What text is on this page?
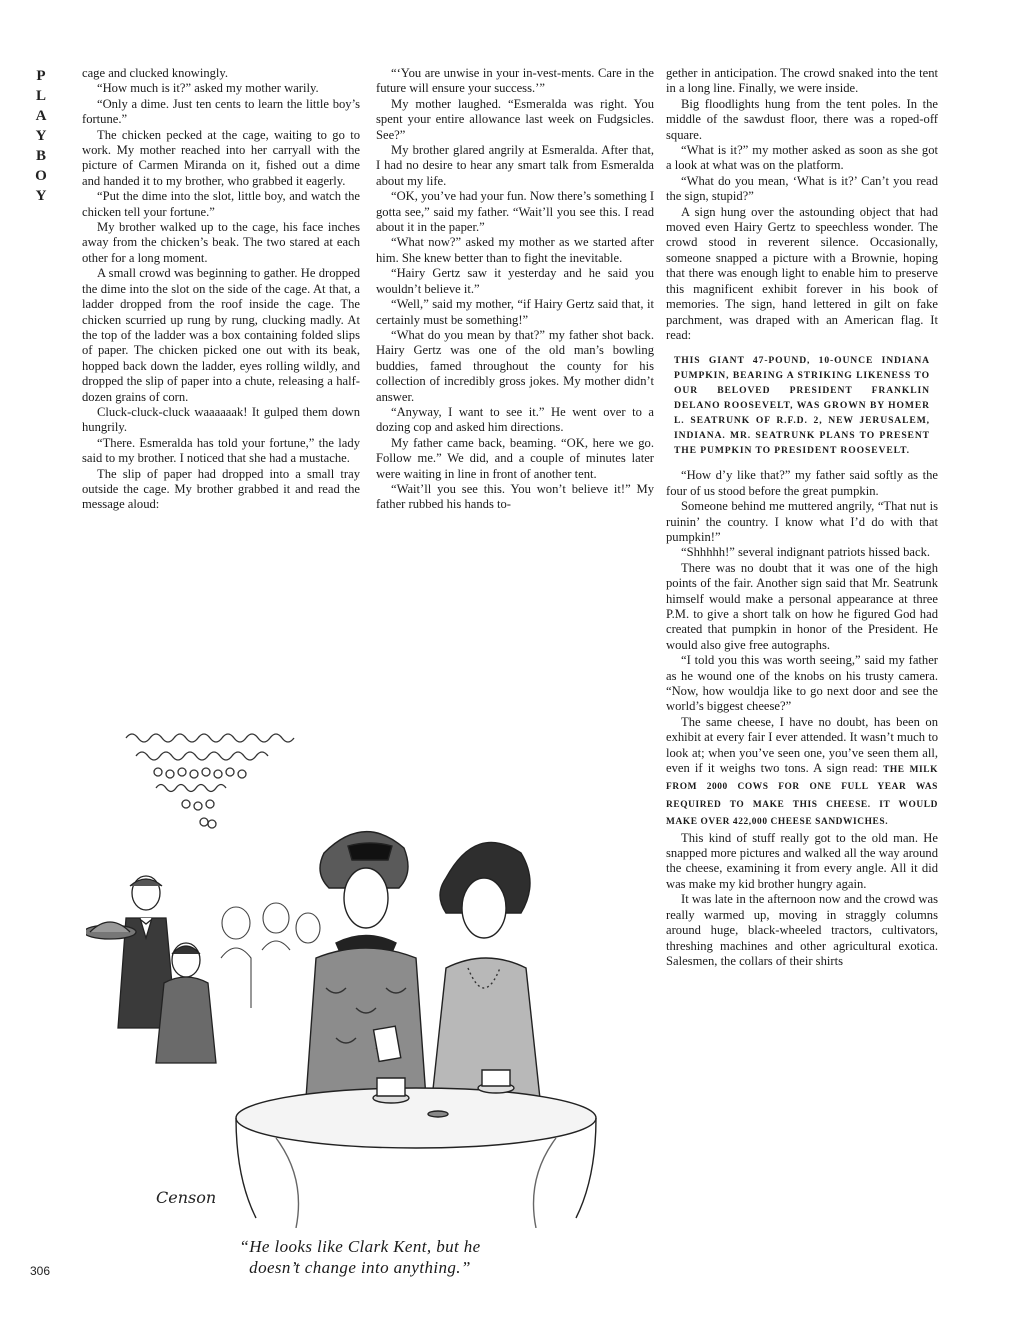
P
L
A
Y
B
O
Y

cage and clucked knowingly.

“How much is it?” asked my mother warily.

“Only a dime. Just ten cents to learn the little boy’s fortune.”

The chicken pecked at the cage, waiting to go to work. My mother reached into her carryall with the picture of Carmen Miranda on it, fished out a dime and handed it to my brother, who grabbed it eagerly.

“Put the dime into the slot, little boy, and watch the chicken tell your fortune.”

My brother walked up to the cage, his face inches away from the chicken’s beak. The two stared at each other for a long moment.

A small crowd was beginning to gather. He dropped the dime into the slot on the side of the cage. At that, a ladder dropped from the roof inside the cage. The chicken scurried up rung by rung, clucking madly. At the top of the ladder was a box containing folded slips of paper. The chicken picked one out with its beak, hopped back down the ladder, eyes rolling wildly, and dropped the slip of paper into a chute, releasing a half-dozen grains of corn.

Cluck-cluck-cluck waaaaaak! It gulped them down hungrily.

“There. Esmeralda has told your fortune,” the lady said to my brother. I noticed that she had a mustache.

The slip of paper had dropped into a small tray outside the cage. My brother grabbed it and read the message aloud:

“‘You are unwise in your in-vest-ments. Care in the future will ensure your success.’”

My mother laughed. “Esmeralda was right. You spent your entire allowance last week on Fudgsicles. See?”

My brother glared angrily at Esmeralda. After that, I had no desire to hear any smart talk from Esmeralda about my life.

“OK, you’ve had your fun. Now there’s something I gotta see,” said my father. “Wait’ll you see this. I read about it in the paper.”

“What now?” asked my mother as we started after him. She knew better than to fight the inevitable.

“Hairy Gertz saw it yesterday and he said you wouldn’t believe it.”

“Well,” said my mother, “if Hairy Gertz said that, it certainly must be something!”

“What do you mean by that?” my father shot back. Hairy Gertz was one of the old man’s bowling buddies, famed throughout the county for his collection of incredibly gross jokes. My mother didn’t answer.

“Anyway, I want to see it.” He went over to a dozing cop and asked him directions.

My father came back, beaming. “OK, here we go. Follow me.” We did, and a couple of minutes later were waiting in line in front of another tent.

“Wait’ll you see this. You won’t believe it!” My father rubbed his hands to-

gether in anticipation. The crowd snaked into the tent in a long line. Finally, we were inside.

Big floodlights hung from the tent poles. In the middle of the sawdust floor, there was a roped-off square.

“What is it?” my mother asked as soon as she got a look at what was on the platform.

“What do you mean, ‘What is it?’ Can’t you read the sign, stupid?”

A sign hung over the astounding object that had moved even Hairy Gertz to speechless wonder. The crowd stood in reverent silence. Occasionally, someone snapped a picture with a Brownie, hoping that there was enough light to enable him to preserve this magnificent exhibit forever in his book of memories. The sign, hand lettered in gilt on fake parchment, was draped with an American flag. It read:

THIS GIANT 47-POUND, 10-OUNCE INDIANA PUMPKIN, BEARING A STRIKING LIKENESS TO OUR BELOVED PRESIDENT FRANKLIN DELANO ROOSEVELT, WAS GROWN BY HOMER L. SEATRUNK OF R.F.D. 2, NEW JERUSALEM, INDIANA. MR. SEATRUNK PLANS TO PRESENT THE PUMPKIN TO PRESIDENT ROOSEVELT.

“How d’y like that?” my father said softly as the four of us stood before the great pumpkin.

Someone behind me muttered angrily, “That nut is ruinin’ the country. I know what I’d do with that pumpkin!”

“Shhhhh!” several indignant patriots hissed back.

There was no doubt that it was one of the high points of the fair. Another sign said that Mr. Seatrunk himself would make a personal appearance at three P.M. to give a short talk on how he figured God had created that pumpkin in honor of the President. He would also give free autographs.

“I told you this was worth seeing,” said my father as he wound one of the knobs on his trusty camera. “Now, how wouldja like to go next door and see the world’s biggest cheese?”

The same cheese, I have no doubt, has been on exhibit at every fair I ever attended. It wasn’t much to look at; when you’ve seen one, you’ve seen them all, even if it weighs two tons. A sign read: THE MILK FROM 2000 COWS FOR ONE FULL YEAR WAS REQUIRED TO MAKE THIS CHEESE. IT WOULD MAKE OVER 422,000 CHEESE SANDWICHES.

This kind of stuff really got to the old man. He snapped more pictures and walked all the way around the cheese, examining it from every angle. All it did was make my kid brother hungry again.

It was late in the afternoon now and the crowd was really warmed up, moving in straggly columns around huge, black-wheeled tractors, cultivators, threshing machines and other agricultural exotica. Salesmen, the collars of their shirts

Censon
“He looks like Clark Kent, but he
doesn’t change into anything.”
306
